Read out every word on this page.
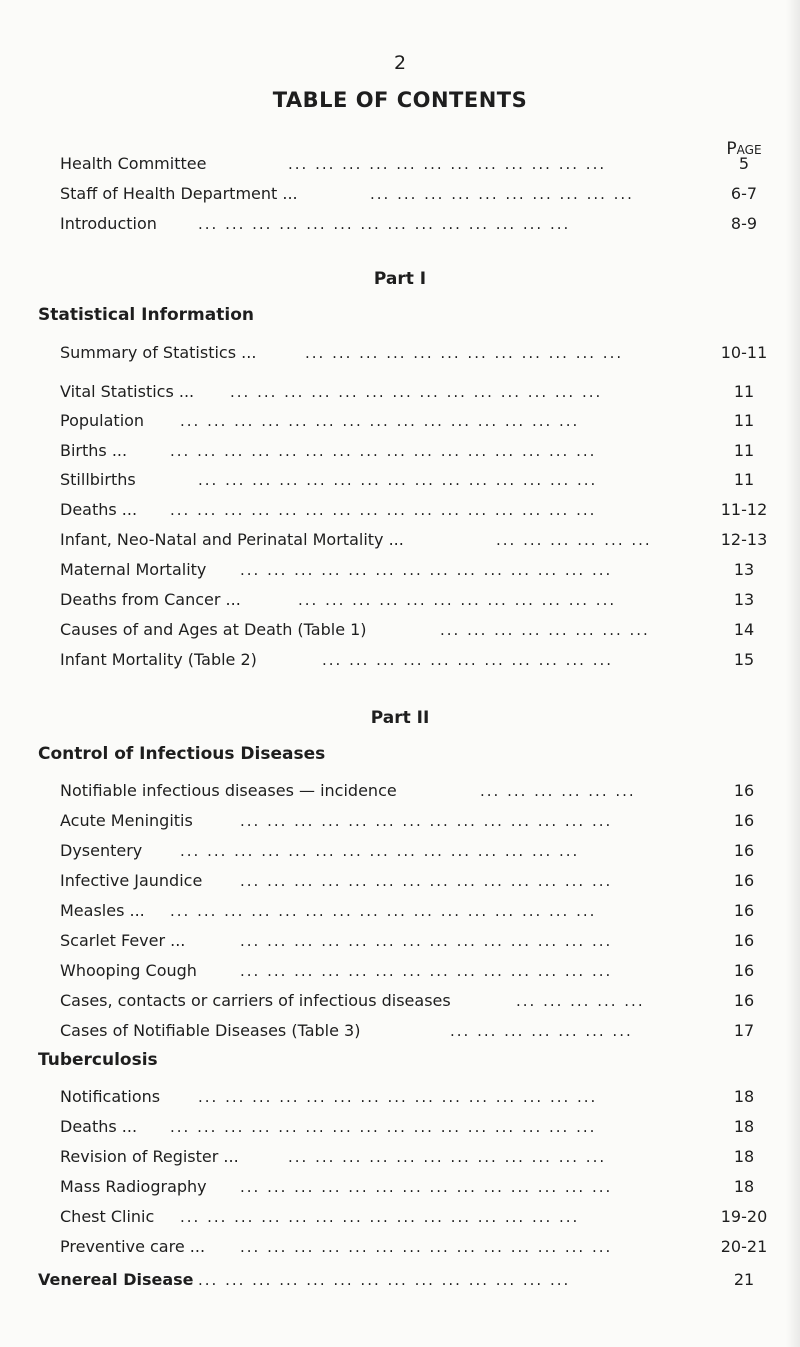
2
TABLE OF CONTENTS
Page
Health Committee	... ... ... ... ... ... ... ... ... ... ... ...	5
Staff of Health Department ...	... ... ... ... ... ... ... ... ... ...	6-7
Introduction	... ... ... ... ... ... ... ... ... ... ... ... ... ...	8-9
Part I
Statistical Information
Summary of Statistics ...	... ... ... ... ... ... ... ... ... ... ... ...	10-11
Vital Statistics ... ... ... ... ... ... ... ... ... ... ... ... ... ... ...	11
Population ... ... ... ... ... ... ... ... ... ... ... ... ... ... ...	11
Births ...	... ... ... ... ... ... ... ... ... ... ... ... ... ... ... ...	11
Stillbirths	... ... ... ... ... ... ... ... ... ... ... ... ... ... ...	11
Deaths ... ... ... ... ... ... ... ... ... ... ... ... ... ... ... ... ...	11-12
Infant, Neo-Natal and Perinatal Mortality ...	... ... ... ... ... ...	12-13
Maternal Mortality ... ... ... ... ... ... ... ... ... ... ... ... ... ...	13
Deaths from Cancer ...	... ... ... ... ... ... ... ... ... ... ... ...	13
Causes of and Ages at Death (Table 1)	... ... ... ... ... ... ... ...	14
Infant Mortality (Table 2)	... ... ... ... ... ... ... ... ... ... ...	15
Part II
Control of Infectious Diseases
Notifiable infectious diseases — incidence	... ... ... ... ... ...	16
Acute Meningitis	... ... ... ... ... ... ... ... ... ... ... ... ... ...	16
Dysentery	... ... ... ... ... ... ... ... ... ... ... ... ... ... ...	16
Infective Jaundice	... ... ... ... ... ... ... ... ... ... ... ... ... ...	16
Measles ... ... ... ... ... ... ... ... ... ... ... ... ... ... ... ... ...	16
Scarlet Fever ...	... ... ... ... ... ... ... ... ... ... ... ... ... ...	16
Whooping Cough	... ... ... ... ... ... ... ... ... ... ... ... ... ...	16
Cases, contacts or carriers of infectious diseases	... ... ... ... ...	16
Cases of Notifiable Diseases (Table 3)	... ... ... ... ... ... ...	17
Tuberculosis
Notifications	... ... ... ... ... ... ... ... ... ... ... ... ... ... ...	18
Deaths ... ... ... ... ... ... ... ... ... ... ... ... ... ... ... ... ...	18
Revision of Register ...	... ... ... ... ... ... ... ... ... ... ... ...	18
Mass Radiography ... ... ... ... ... ... ... ... ... ... ... ... ... ...	18
Chest Clinic ... ... ... ... ... ... ... ... ... ... ... ... ... ... ...	19-20
Preventive care ... ... ... ... ... ... ... ... ... ... ... ... ... ... ...	20-21
Venereal Disease ... ... ... ... ... ... ... ... ... ... ... ... ... ...	21
